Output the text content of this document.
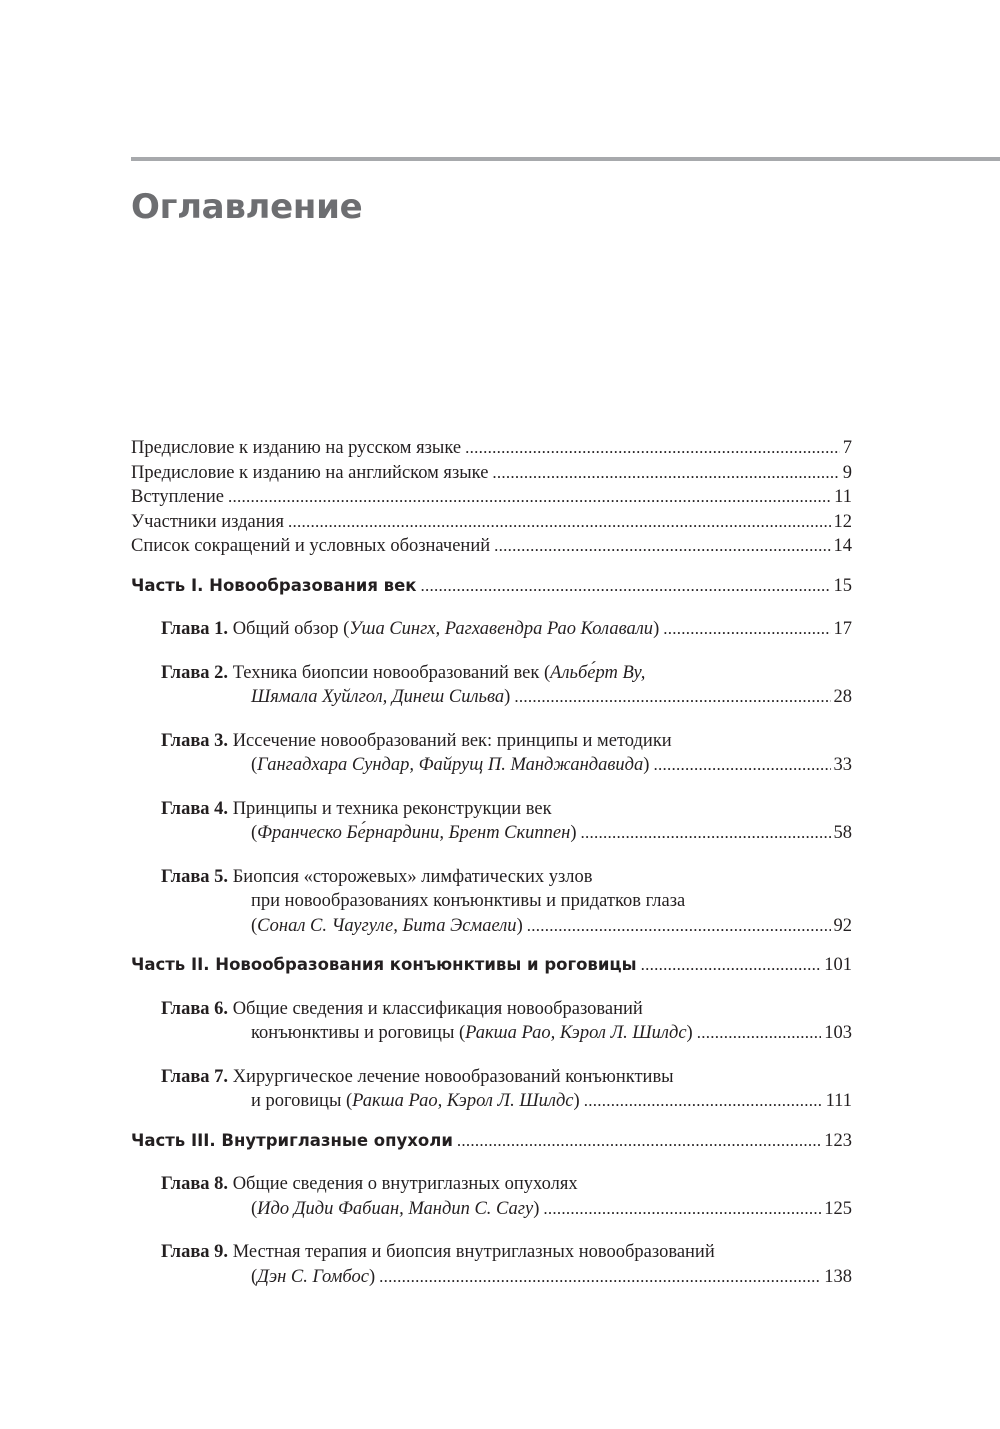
Оглавление
Предисловие к изданию на русском языке . . .	7
Предисловие к изданию на английском языке . . .	9
Вступление . . .	11
Участники издания . . .	12
Список сокращений и условных обозначений . . .	14
Часть I. Новообразования век . . .	15
Глава 1. Общий обзор (Уша Сингх, Рагхавендра Рао Колавали) . . .	17
Глава 2. Техника биопсии новообразований век (Альбе́рт Ву,
Шямала Хуйлгол, Динеш Сильва) . . .	28
Глава 3. Иссечение новообразований век: принципы и методики
(Гангадхара Сундар, Файрущ П. Манджандавида) . . .	33
Глава 4. Принципы и техника реконструкции век
(Франческо Бе́рнардини, Брент Скиппен) . . .	58
Глава 5. Биопсия «сторожевых» лимфатических узлов
при новообразованиях конъюнктивы и придатков глаза
(Сонал С. Чаугуле, Бита Эсмаели) . . .	92
Часть II. Новообразования конъюнктивы и роговицы . . .	101
Глава 6. Общие сведения и классификация новообразований
конъюнктивы и роговицы (Ракша Рао, Кэрол Л. Шилдс) . . .	103
Глава 7. Хирургическое лечение новообразований конъюнктивы
и роговицы (Ракша Рао, Кэрол Л. Шилдс) . . .	111
Часть III. Внутриглазные опухоли . . .	123
Глава 8. Общие сведения о внутриглазных опухолях
(Идо Диди Фабиан, Мандип С. Сагу) . . .	125
Глава 9. Местная терапия и биопсия внутриглазных новообразований
(Дэн С. Гомбос) . . .	138
